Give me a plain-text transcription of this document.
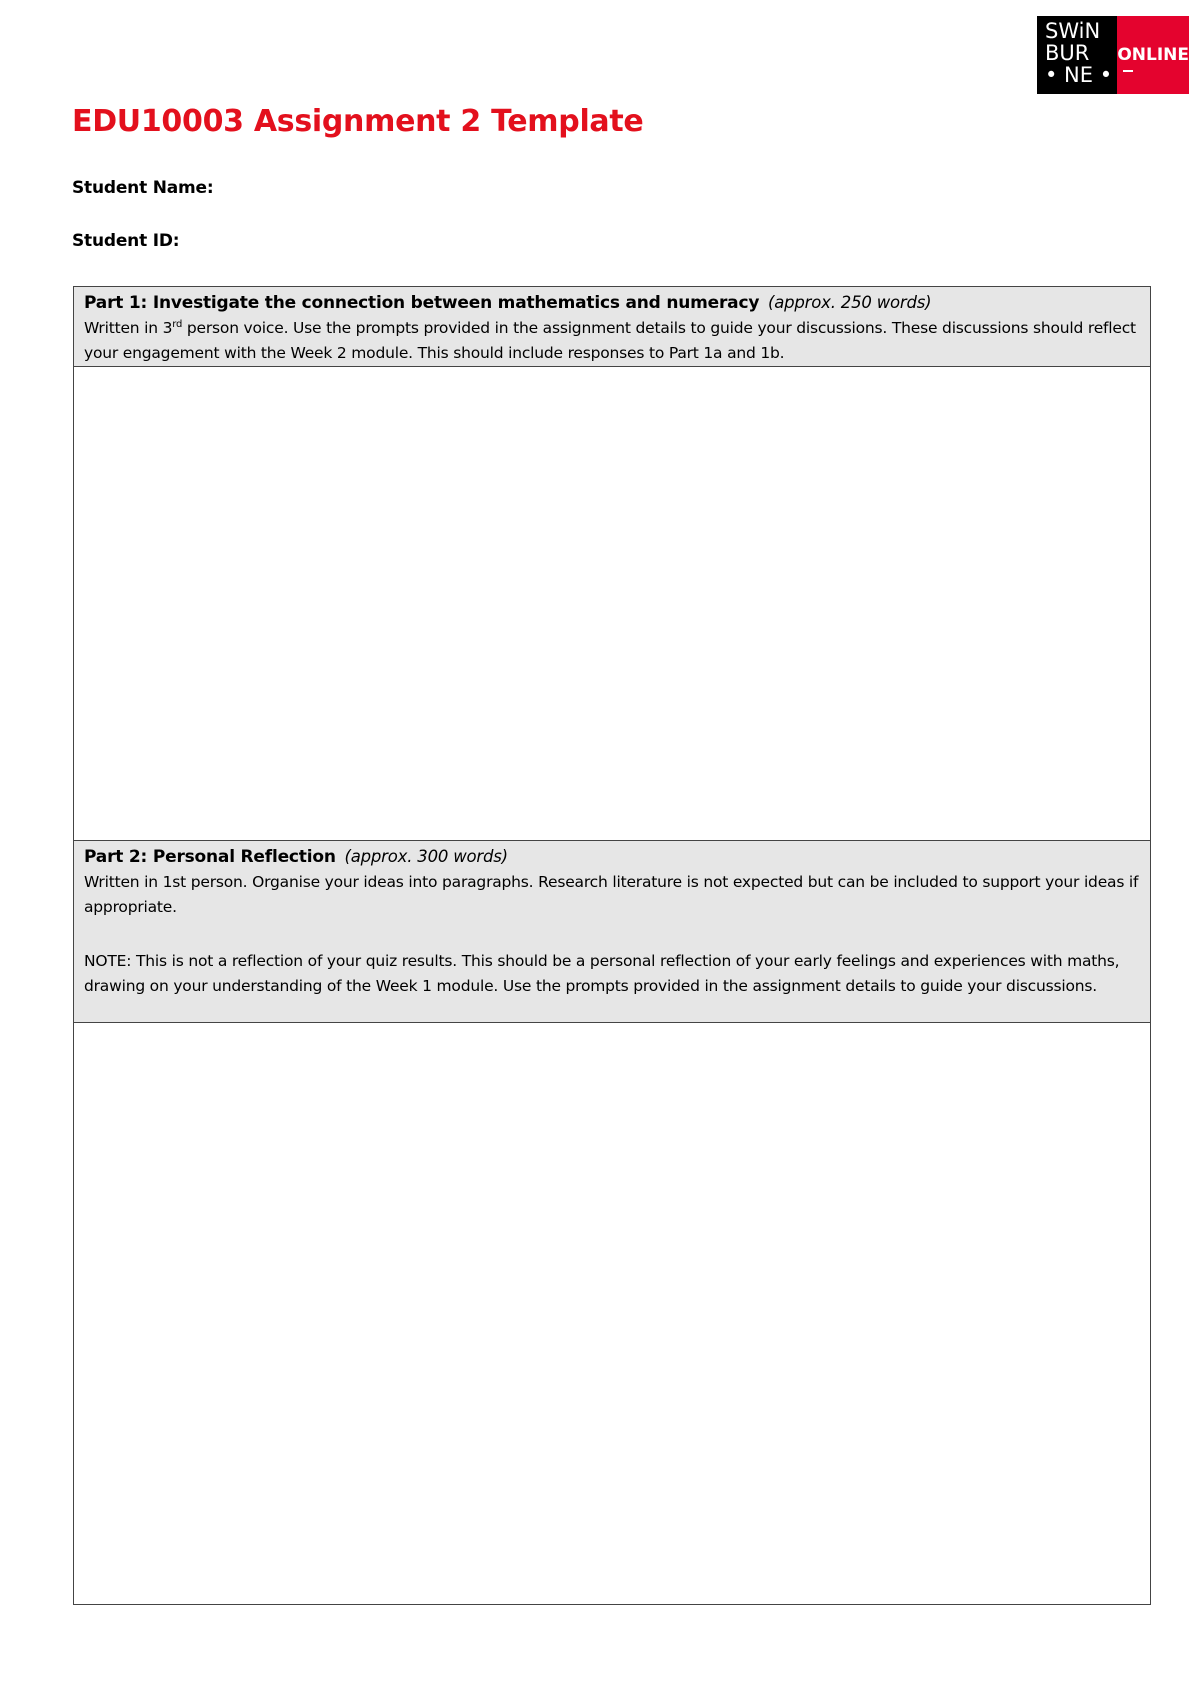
SWiN
BUR
• NE •
ONLINE
EDU10003 Assignment 2 Template
Student Name:
Student ID:

Part 1: Investigate the connection between mathematics and numeracy (approx. 250 words)

Written in 3rd person voice. Use the prompts provided in the assignment details to guide your discussions. These discussions should reflect your engagement with the Week 2 module. This should include responses to Part 1a and 1b.

Part 2: Personal Reflection (approx. 300 words)

Written in 1st person. Organise your ideas into paragraphs. Research literature is not expected but can be included to support your ideas if appropriate.

NOTE: This is not a reflection of your quiz results. This should be a personal reflection of your early feelings and experiences with maths, drawing on your understanding of the Week 1 module. Use the prompts provided in the assignment details to guide your discussions.
